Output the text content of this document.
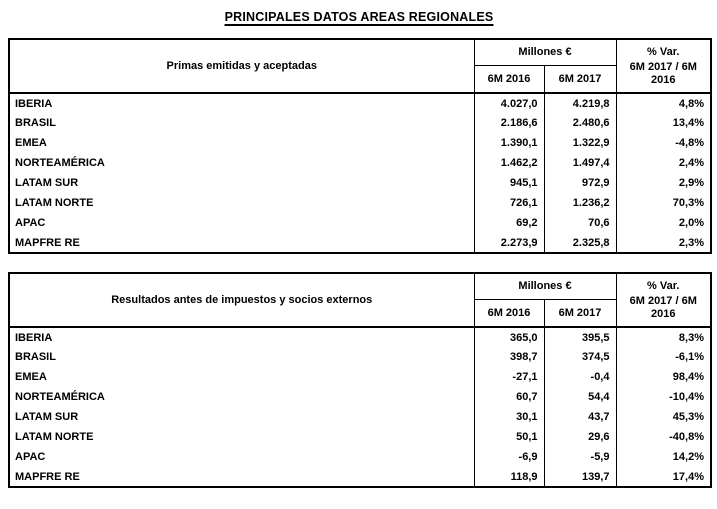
PRINCIPALES DATOS AREAS REGIONALES
Primas emitidas y aceptadas	Millones €		% Var.
6M 2017 / 6M 2016

	6M 2016	6M 2017	
IBERIA	4.027,0	4.219,8	4,8%
BRASIL	2.186,6	2.480,6	13,4%
EMEA	1.390,1	1.322,9	-4,8%
NORTEAMÉRICA	1.462,2	1.497,4	2,4%
LATAM SUR	945,1	972,9	2,9%
LATAM NORTE	726,1	1.236,2	70,3%
APAC	69,2	70,6	2,0%
MAPFRE RE	2.273,9	2.325,8	2,3%
Resultados antes de impuestos y socios externos	Millones €		% Var.
6M 2017 / 6M 2016

	6M 2016	6M 2017	
IBERIA	365,0	395,5	8,3%
BRASIL	398,7	374,5	-6,1%
EMEA	-27,1	-0,4	98,4%
NORTEAMÉRICA	60,7	54,4	-10,4%
LATAM SUR	30,1	43,7	45,3%
LATAM NORTE	50,1	29,6	-40,8%
APAC	-6,9	-5,9	14,2%
MAPFRE RE	118,9	139,7	17,4%
